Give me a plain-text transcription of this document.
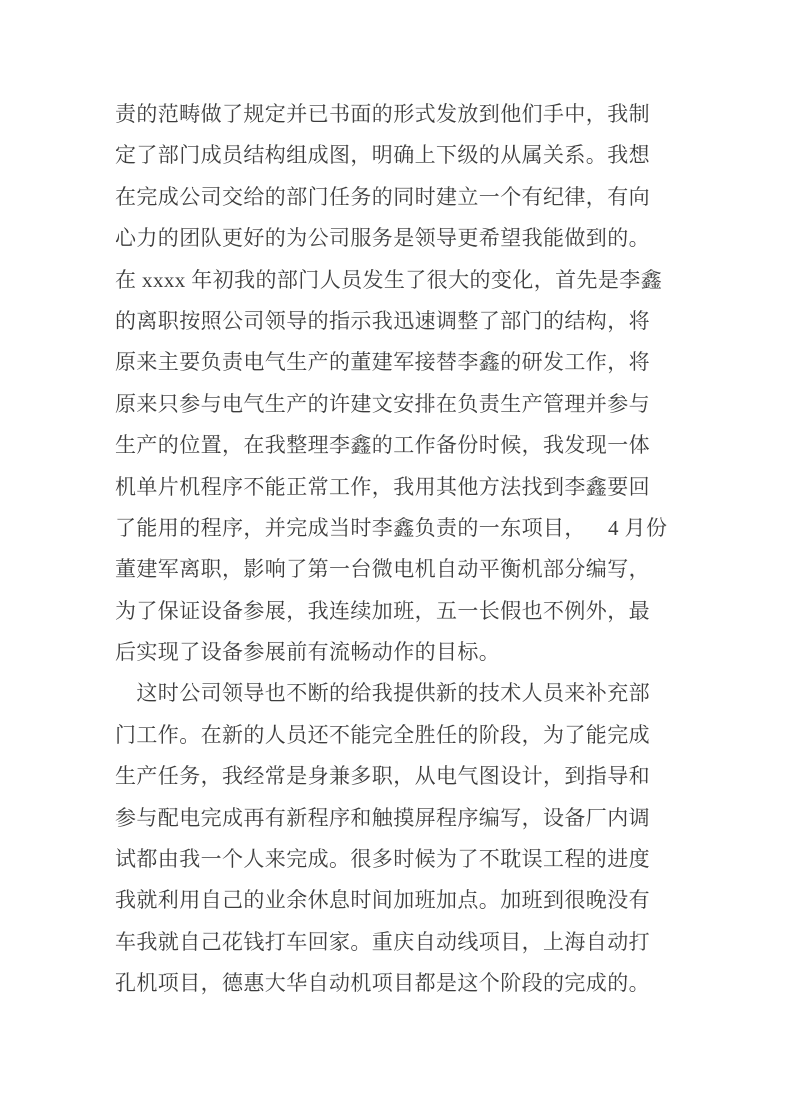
责的范畴做了规定并已书面的形式发放到他们手中，我制
定了部门成员结构组成图，明确上下级的从属关系。我想
在完成公司交给的部门任务的同时建立一个有纪律，有向
心力的团队更好的为公司服务是领导更希望我能做到的。
在 xxxx 年初我的部门人员发生了很大的变化，首先是李鑫
的离职按照公司领导的指示我迅速调整了部门的结构，将
原来主要负责电气生产的董建军接替李鑫的研发工作，将
原来只参与电气生产的许建文安排在负责生产管理并参与
生产的位置，在我整理李鑫的工作备份时候，我发现一体
机单片机程序不能正常工作，我用其他方法找到李鑫要回
了能用的程序，并完成当时李鑫负责的一东项目，　  4 月份
董建军离职，影响了第一台微电机自动平衡机部分编写，
为了保证设备参展，我连续加班，五一长假也不例外，最
后实现了设备参展前有流畅动作的目标。
　这时公司领导也不断的给我提供新的技术人员来补充部
门工作。在新的人员还不能完全胜任的阶段，为了能完成
生产任务，我经常是身兼多职，从电气图设计，到指导和
参与配电完成再有新程序和触摸屏程序编写，设备厂内调
试都由我一个人来完成。很多时候为了不耽误工程的进度
我就利用自己的业余休息时间加班加点。加班到很晚没有
车我就自己花钱打车回家。重庆自动线项目，上海自动打
孔机项目，德惠大华自动机项目都是这个阶段的完成的。
